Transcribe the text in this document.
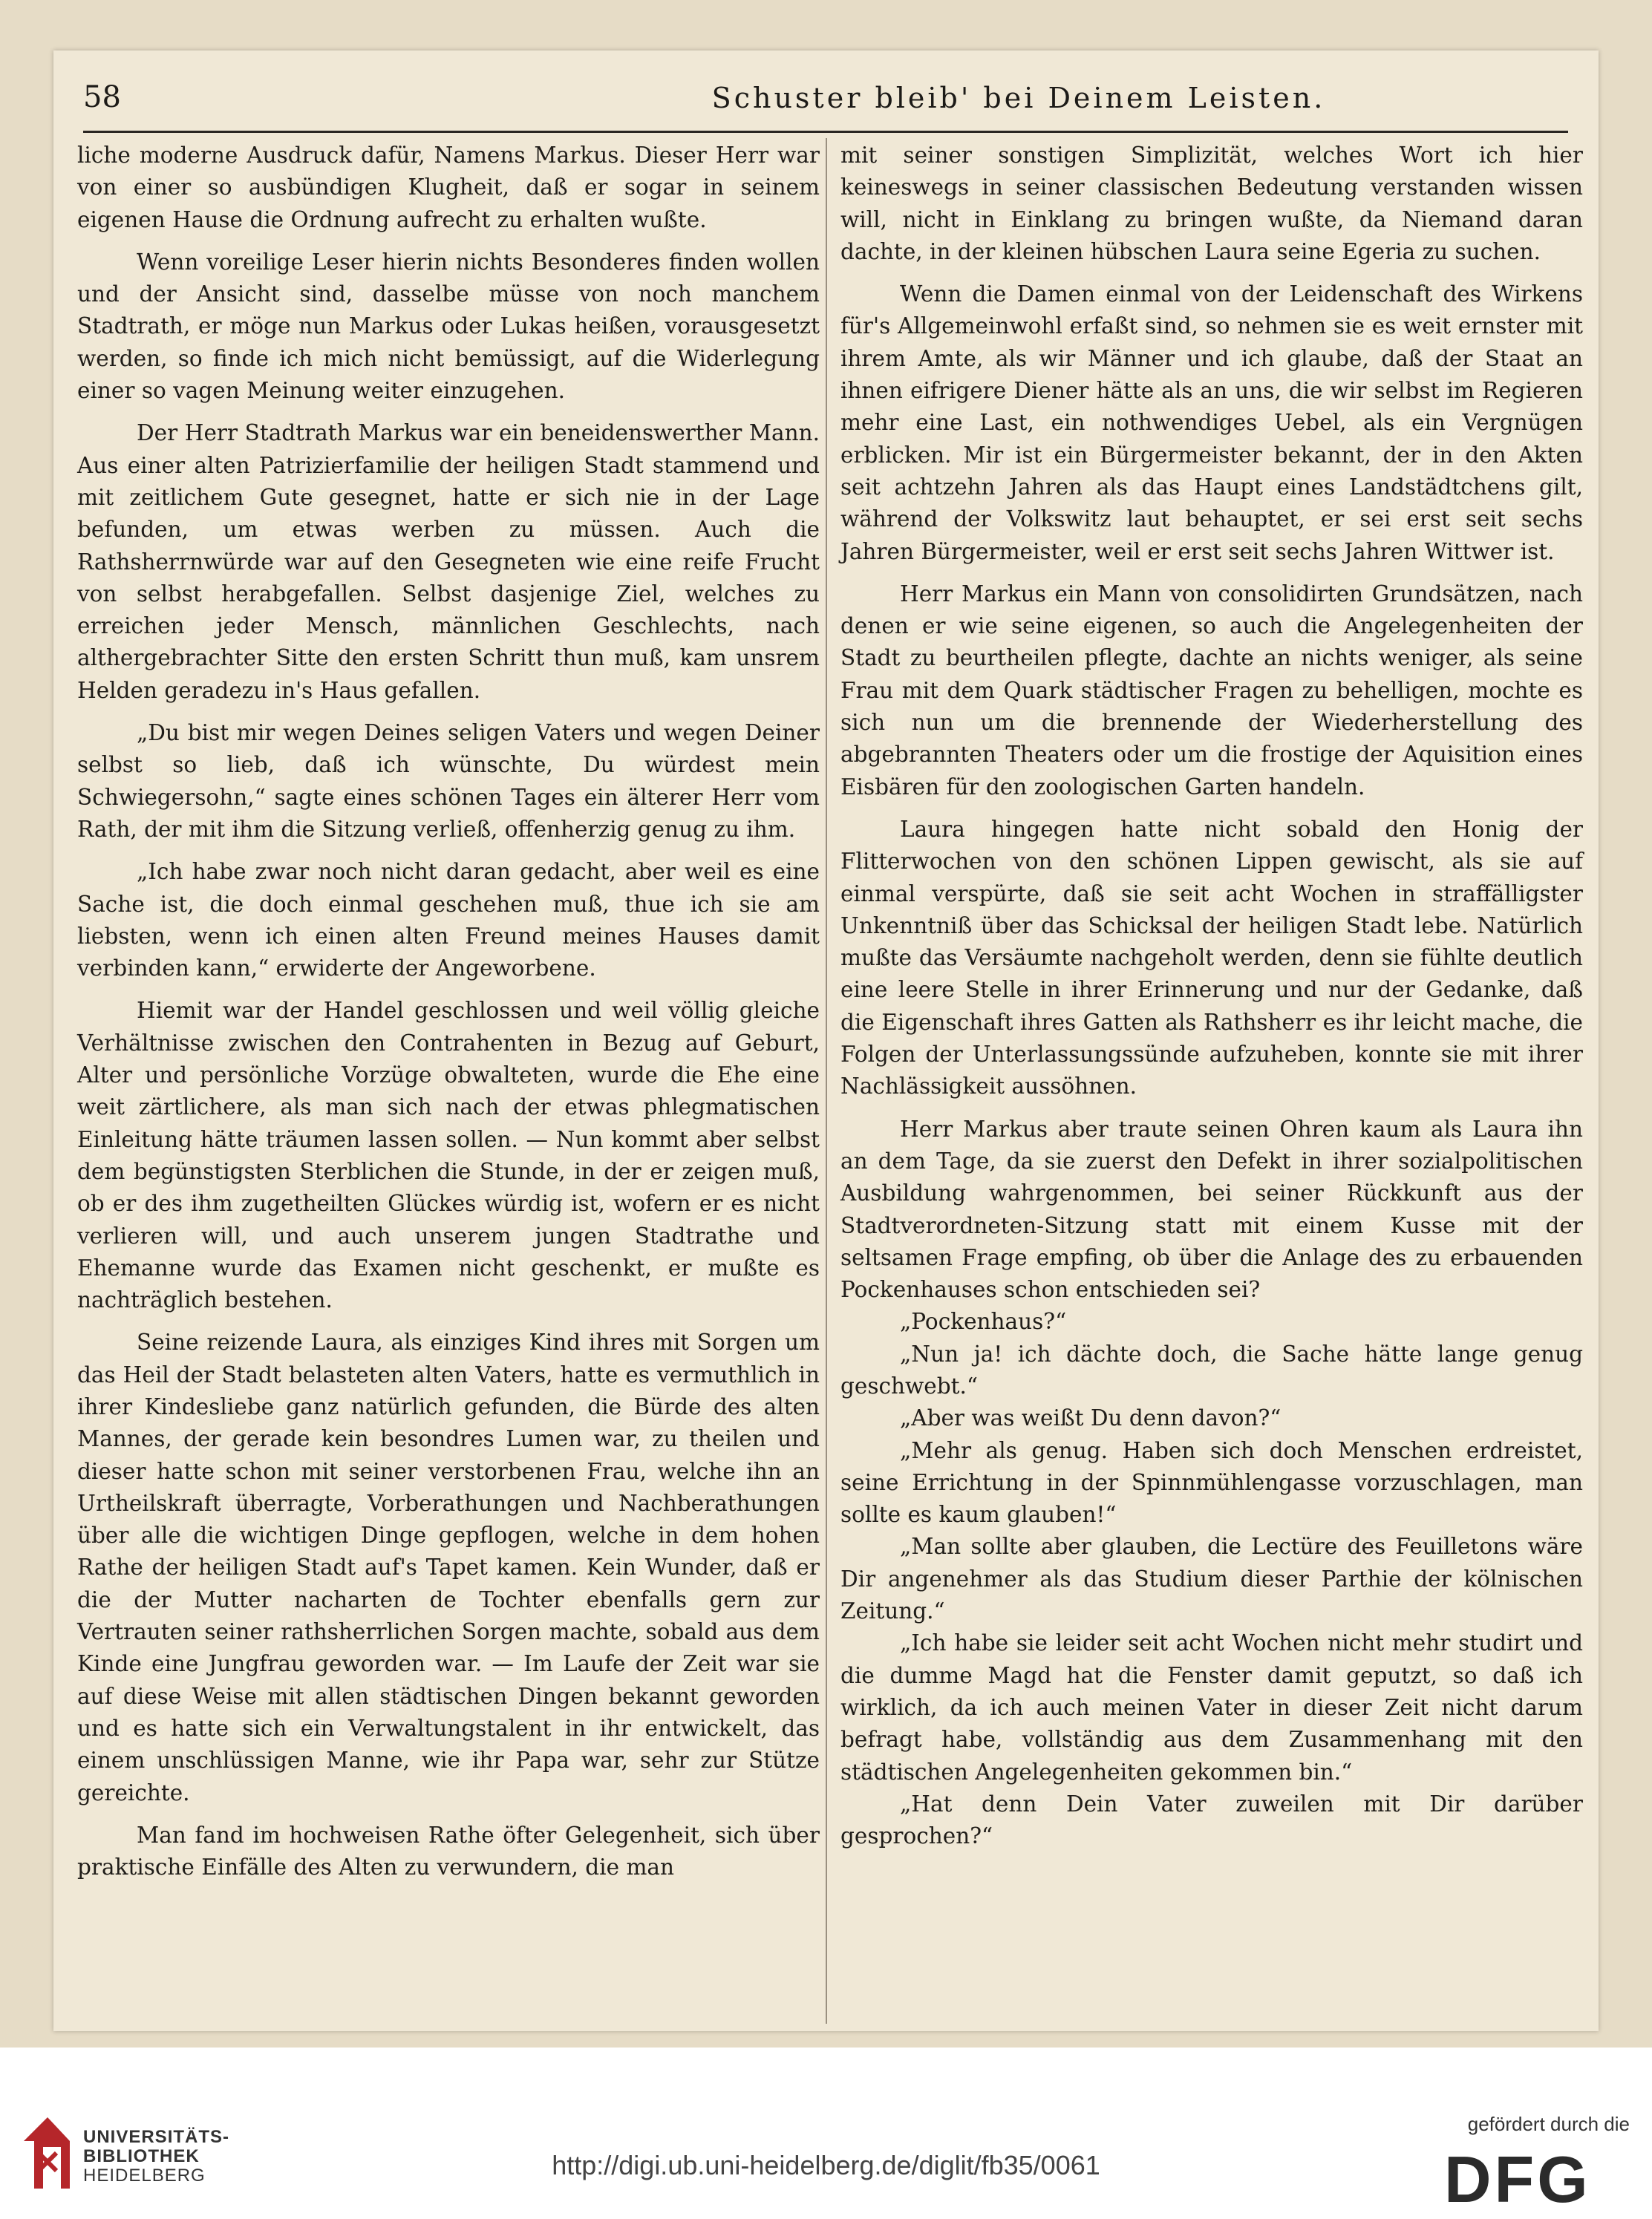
58	Schuster bleib' bei Deinem Leisten.

liche moderne Ausdruck dafür, Namens Markus. Dieser Herr war von einer so ausbündigen Klugheit, daß er sogar in seinem eigenen Hause die Ordnung aufrecht zu erhalten wußte.

Wenn voreilige Leser hierin nichts Besonderes finden wollen und der Ansicht sind, dasselbe müsse von noch manchem Stadtrath, er möge nun Markus oder Lukas heißen, vorausgesetzt werden, so finde ich mich nicht bemüssigt, auf die Widerlegung einer so vagen Meinung weiter einzugehen.

Der Herr Stadtrath Markus war ein beneidenswerther Mann. Aus einer alten Patrizierfamilie der heiligen Stadt stammend und mit zeitlichem Gute gesegnet, hatte er sich nie in der Lage befunden, um etwas werben zu müssen. Auch die Rathsherrnwürde war auf den Gesegneten wie eine reife Frucht von selbst herabgefallen. Selbst dasjenige Ziel, welches zu erreichen jeder Mensch, männlichen Geschlechts, nach althergebrachter Sitte den ersten Schritt thun muß, kam unsrem Helden geradezu in's Haus gefallen.

„Du bist mir wegen Deines seligen Vaters und wegen Deiner selbst so lieb, daß ich wünschte, Du würdest mein Schwiegersohn,“ sagte eines schönen Tages ein älterer Herr vom Rath, der mit ihm die Sitzung verließ, offenherzig genug zu ihm.

„Ich habe zwar noch nicht daran gedacht, aber weil es eine Sache ist, die doch einmal geschehen muß, thue ich sie am liebsten, wenn ich einen alten Freund meines Hauses damit verbinden kann,“ erwiderte der Angeworbene.

Hiemit war der Handel geschlossen und weil völlig gleiche Verhältnisse zwischen den Contrahenten in Bezug auf Geburt, Alter und persönliche Vorzüge obwalteten, wurde die Ehe eine weit zärtlichere, als man sich nach der etwas phlegmatischen Einleitung hätte träumen lassen sollen. — Nun kommt aber selbst dem begünstigsten Sterblichen die Stunde, in der er zeigen muß, ob er des ihm zugetheilten Glückes würdig ist, wofern er es nicht verlieren will, und auch unserem jungen Stadtrathe und Ehemanne wurde das Examen nicht geschenkt, er mußte es nachträglich bestehen.

Seine reizende Laura, als einziges Kind ihres mit Sorgen um das Heil der Stadt belasteten alten Vaters, hatte es vermuthlich in ihrer Kindesliebe ganz natürlich gefunden, die Bürde des alten Mannes, der gerade kein besondres Lumen war, zu theilen und dieser hatte schon mit seiner verstorbenen Frau, welche ihn an Urtheilskraft überragte, Vorberathungen und Nachberathungen über alle die wichtigen Dinge gepflogen, welche in dem hohen Rathe der heiligen Stadt auf's Tapet kamen. Kein Wunder, daß er die der Mutter nacharten de Tochter ebenfalls gern zur Vertrauten seiner rathsherrlichen Sorgen machte, sobald aus dem Kinde eine Jungfrau geworden war. — Im Laufe der Zeit war sie auf diese Weise mit allen städtischen Dingen bekannt geworden und es hatte sich ein Verwaltungstalent in ihr entwickelt, das einem unschlüssigen Manne, wie ihr Papa war, sehr zur Stütze gereichte.

Man fand im hochweisen Rathe öfter Gelegenheit, sich über praktische Einfälle des Alten zu verwundern, die man

mit seiner sonstigen Simplizität, welches Wort ich hier keineswegs in seiner classischen Bedeutung verstanden wissen will, nicht in Einklang zu bringen wußte, da Niemand daran dachte, in der kleinen hübschen Laura seine Egeria zu suchen.

Wenn die Damen einmal von der Leidenschaft des Wirkens für's Allgemeinwohl erfaßt sind, so nehmen sie es weit ernster mit ihrem Amte, als wir Männer und ich glaube, daß der Staat an ihnen eifrigere Diener hätte als an uns, die wir selbst im Regieren mehr eine Last, ein nothwendiges Uebel, als ein Vergnügen erblicken. Mir ist ein Bürgermeister bekannt, der in den Akten seit achtzehn Jahren als das Haupt eines Landstädtchens gilt, während der Volkswitz laut behauptet, er sei erst seit sechs Jahren Bürgermeister, weil er erst seit sechs Jahren Wittwer ist.

Herr Markus ein Mann von consolidirten Grundsätzen, nach denen er wie seine eigenen, so auch die Angelegenheiten der Stadt zu beurtheilen pflegte, dachte an nichts weniger, als seine Frau mit dem Quark städtischer Fragen zu behelligen, mochte es sich nun um die brennende der Wiederherstellung des abgebrannten Theaters oder um die frostige der Aquisition eines Eisbären für den zoologischen Garten handeln.

Laura hingegen hatte nicht sobald den Honig der Flitterwochen von den schönen Lippen gewischt, als sie auf einmal verspürte, daß sie seit acht Wochen in straffälligster Unkenntniß über das Schicksal der heiligen Stadt lebe. Natürlich mußte das Versäumte nachgeholt werden, denn sie fühlte deutlich eine leere Stelle in ihrer Erinnerung und nur der Gedanke, daß die Eigenschaft ihres Gatten als Rathsherr es ihr leicht mache, die Folgen der Unterlassungssünde aufzuheben, konnte sie mit ihrer Nachlässigkeit aussöhnen.

Herr Markus aber traute seinen Ohren kaum als Laura ihn an dem Tage, da sie zuerst den Defekt in ihrer sozialpolitischen Ausbildung wahrgenommen, bei seiner Rückkunft aus der Stadtverordneten-Sitzung statt mit einem Kusse mit der seltsamen Frage empfing, ob über die Anlage des zu erbauenden Pockenhauses schon entschieden sei?

„Pockenhaus?“

„Nun ja! ich dächte doch, die Sache hätte lange genug geschwebt.“

„Aber was weißt Du denn davon?“

„Mehr als genug. Haben sich doch Menschen erdreistet, seine Errichtung in der Spinnmühlengasse vorzuschlagen, man sollte es kaum glauben!“

„Man sollte aber glauben, die Lectüre des Feuilletons wäre Dir angenehmer als das Studium dieser Parthie der kölnischen Zeitung.“

„Ich habe sie leider seit acht Wochen nicht mehr studirt und die dumme Magd hat die Fenster damit geputzt, so daß ich wirklich, da ich auch meinen Vater in dieser Zeit nicht darum befragt habe, vollständig aus dem Zusammenhang mit den städtischen Angelegenheiten gekommen bin.“

„Hat denn Dein Vater zuweilen mit Dir darüber gesprochen?“

UNIVERSITÄTS-
BIBLIOTHEK
HEIDELBERG	http://digi.ub.uni-heidelberg.de/diglit/fb35/0061
gefördert durch die
DFG
